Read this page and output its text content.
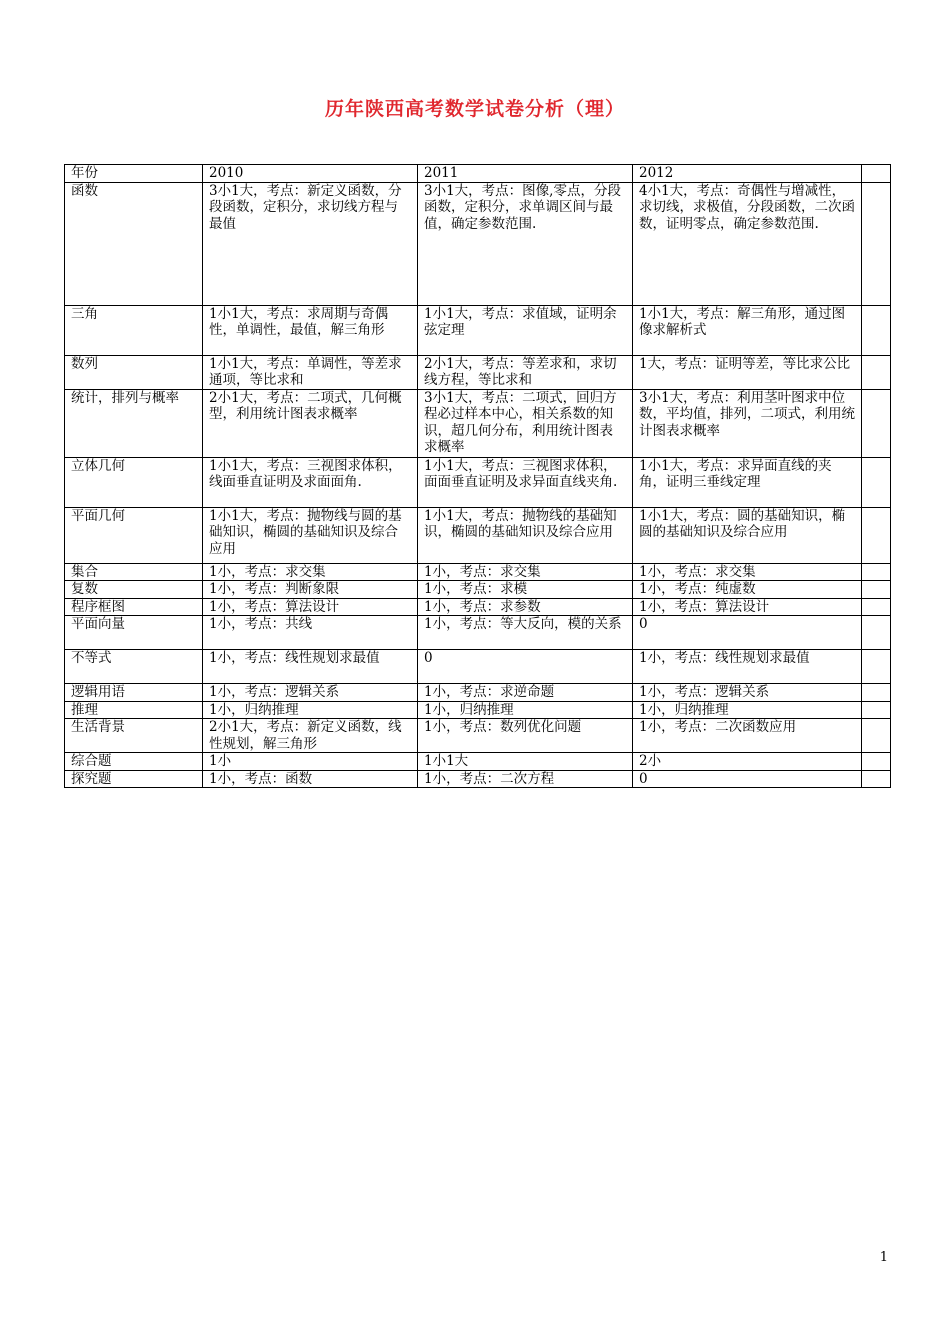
历年陕西高考数学试卷分析（理）
年份	2010	2011	2012	
函数	3小1大，考点：新定义函数，分段函数，定积分，求切线方程与最值	3小1大，考点：图像,零点，分段函数，定积分，求单调区间与最值，确定参数范围.	4小1大，考点：奇偶性与增减性，求切线，求极值，分段函数，二次函数，证明零点，确定参数范围.	
三角	1小1大，考点：求周期与奇偶性，单调性，最值，解三角形	1小1大，考点：求值域，证明余弦定理	1小1大，考点：解三角形，通过图像求解析式	
数列	1小1大，考点：单调性，等差求通项，等比求和	2小1大，考点：等差求和，求切线方程，等比求和	1大，考点：证明等差，等比求公比	
统计，排列与概率	2小1大，考点：二项式，几何概型，利用统计图表求概率	3小1大，考点：二项式，回归方程必过样本中心，相关系数的知识，超几何分布，利用统计图表求概率	3小1大，考点：利用茎叶图求中位数，平均值，排列，二项式，利用统计图表求概率	
立体几何	1小1大，考点：三视图求体积，线面垂直证明及求面面角.	1小1大，考点：三视图求体积，面面垂直证明及求异面直线夹角.	1小1大，考点：求异面直线的夹角，证明三垂线定理	
平面几何	1小1大，考点：抛物线与圆的基础知识，椭圆的基础知识及综合应用	1小1大，考点：抛物线的基础知识，椭圆的基础知识及综合应用	1小1大，考点：圆的基础知识，椭圆的基础知识及综合应用	
集合	1小，考点：求交集	1小，考点：求交集	1小，考点：求交集	
复数	1小，考点：判断象限	1小，考点：求模	1小，考点：纯虚数	
程序框图	1小，考点：算法设计	1小，考点：求参数	1小，考点：算法设计	
平面向量	1小，考点：共线	1小，考点：等大反向，模的关系	0	
不等式	1小，考点：线性规划求最值	0	1小，考点：线性规划求最值	
逻辑用语	1小，考点：逻辑关系	1小，考点：求逆命题	1小，考点：逻辑关系	
推理	1小，归纳推理	1小，归纳推理	1小，归纳推理	
生活背景	2小1大，考点：新定义函数，线性规划，解三角形	1小，考点：数列优化问题	1小，考点：二次函数应用	
综合题	1小	1小1大	2小	
探究题	1小，考点：函数	1小，考点：二次方程	0	
1
